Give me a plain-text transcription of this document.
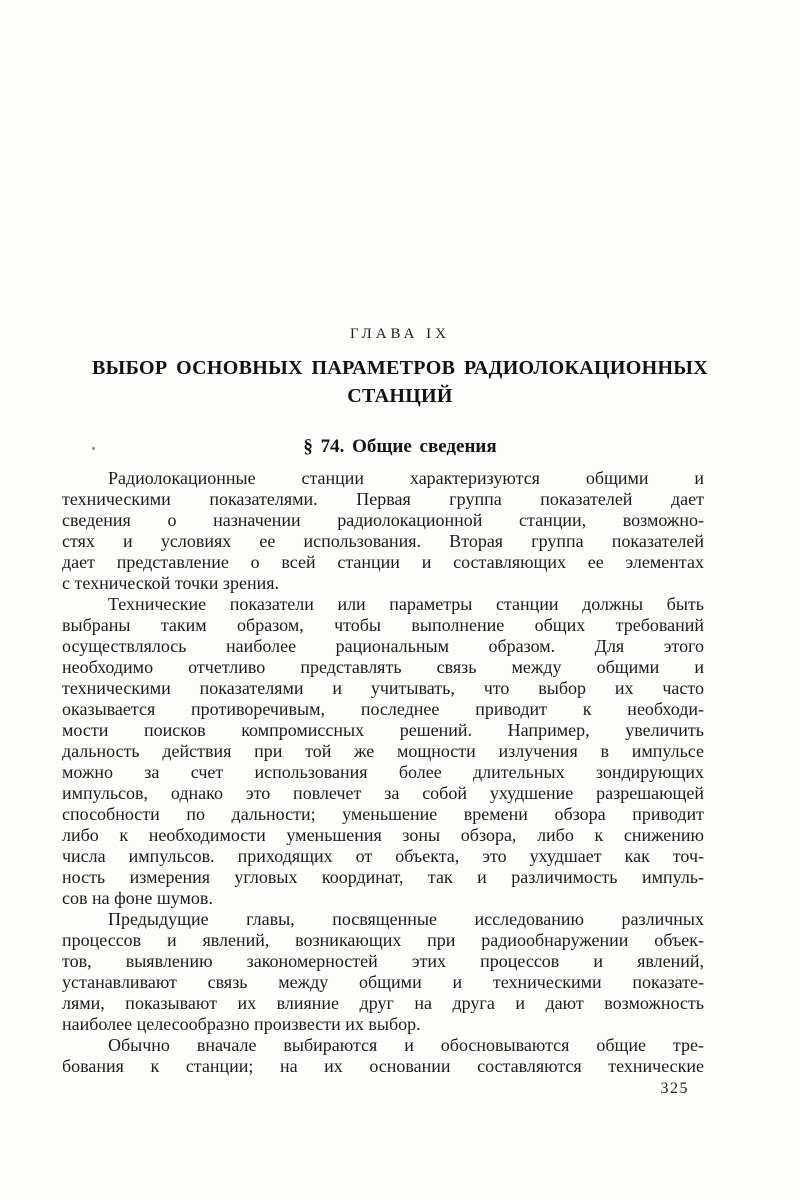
ГЛАВА IX
ВЫБОР ОСНОВНЫХ ПАРАМЕТРОВ РАДИОЛОКАЦИОННЫХ
СТАНЦИЙ
§ 74. Общие сведения
Радиолокационные станции характеризуются общими и
техническими показателями. Первая группа показателей дает
сведения о назначении радиолокационной станции, возможно-
стях и условиях ее использования. Вторая группа показателей
дает представление о всей станции и составляющих ее элементах
с технической точки зрения.
Технические показатели или параметры станции должны быть
выбраны таким образом, чтобы выполнение общих требований
осуществлялось наиболее рациональным образом. Для этого
необходимо отчетливо представлять связь между общими и
техническими показателями и учитывать, что выбор их часто
оказывается противоречивым, последнее приводит к необходи-
мости поисков компромиссных решений. Например, увеличить
дальность действия при той же мощности излучения в импульсе
можно за счет использования более длительных зондирующих
импульсов, однако это повлечет за собой ухудшение разрешающей
способности по дальности; уменьшение времени обзора приводит
либо к необходимости уменьшения зоны обзора, либо к снижению
числа импульсов. приходящих от объекта, это ухудшает как точ-
ность измерения угловых координат, так и различимость импуль-
сов на фоне шумов.
Предыдущие главы, посвященные исследованию различных
процессов и явлений, возникающих при радиообнаружении объек-
тов, выявлению закономерностей этих процессов и явлений,
устанавливают связь между общими и техническими показате-
лями, показывают их влияние друг на друга и дают возможность
наиболее целесообразно произвести их выбор.
Обычно вначале выбираются и обосновываются общие тре-
бования к станции; на их основании составляются технические
325
